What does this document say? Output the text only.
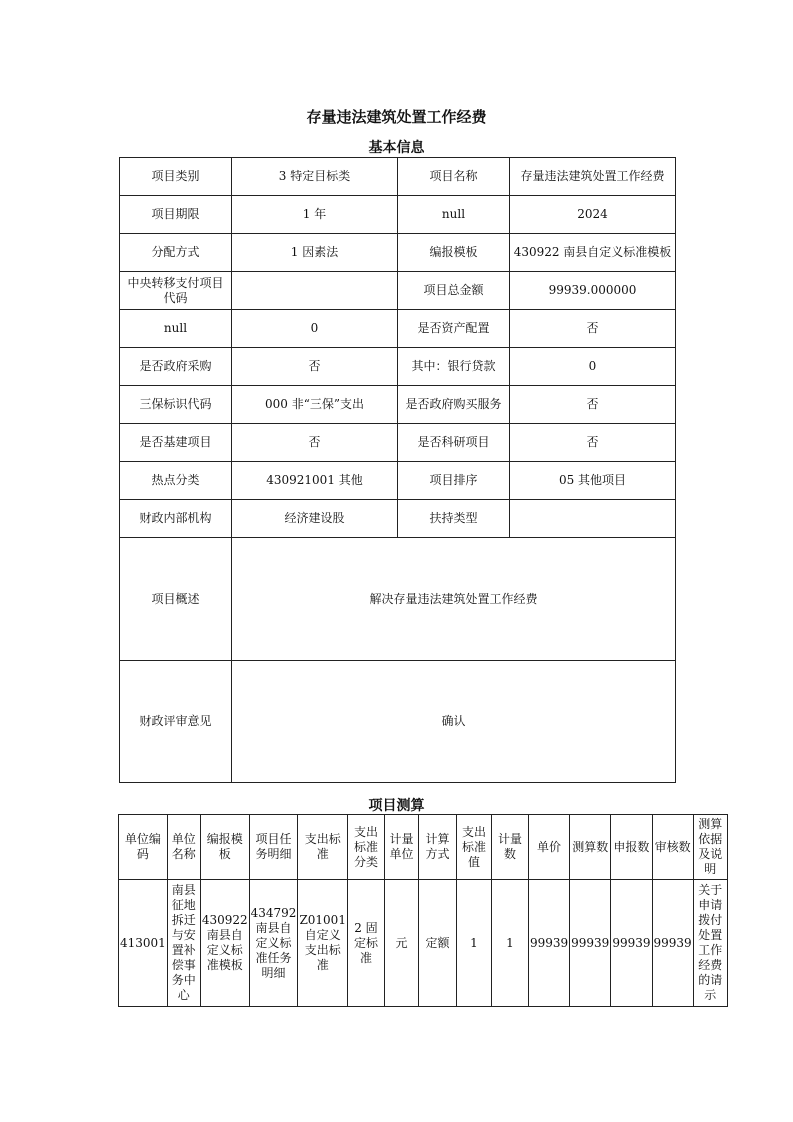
存量违法建筑处置工作经费
基本信息
项目类别	3 特定目标类	项目名称	存量违法建筑处置工作经费
项目期限	1 年	null	2024
分配方式	1 因素法	编报模板	430922 南县自定义标准模板
中央转移支付项目代码		项目总金额	99939.000000
null	0	是否资产配置	否
是否政府采购	否	其中：银行贷款	0
三保标识代码	000 非“三保”支出	是否政府购买服务	否
是否基建项目	否	是否科研项目	否
热点分类	430921001 其他	项目排序	05 其他项目
财政内部机构	经济建设股	扶持类型	
项目概述	解决存量违法建筑处置工作经费		
财政评审意见	确认		
项目测算
单位编码	单位名称	编报模板	项目任务明细	支出标准	支出标准分类	计量单位	计算方式	支出标准值	计量数	单价	测算数	申报数	审核数	测算依据及说明
413001	南县征地拆迁与安置补偿事务中心	430922南县自定义标准模板	434792南县自定义标准任务明细	Z01001自定义支出标准	2 固定标准	元	定额	1	1	99939	99939	99939	99939	关于申请拨付处置工作经费的请示
